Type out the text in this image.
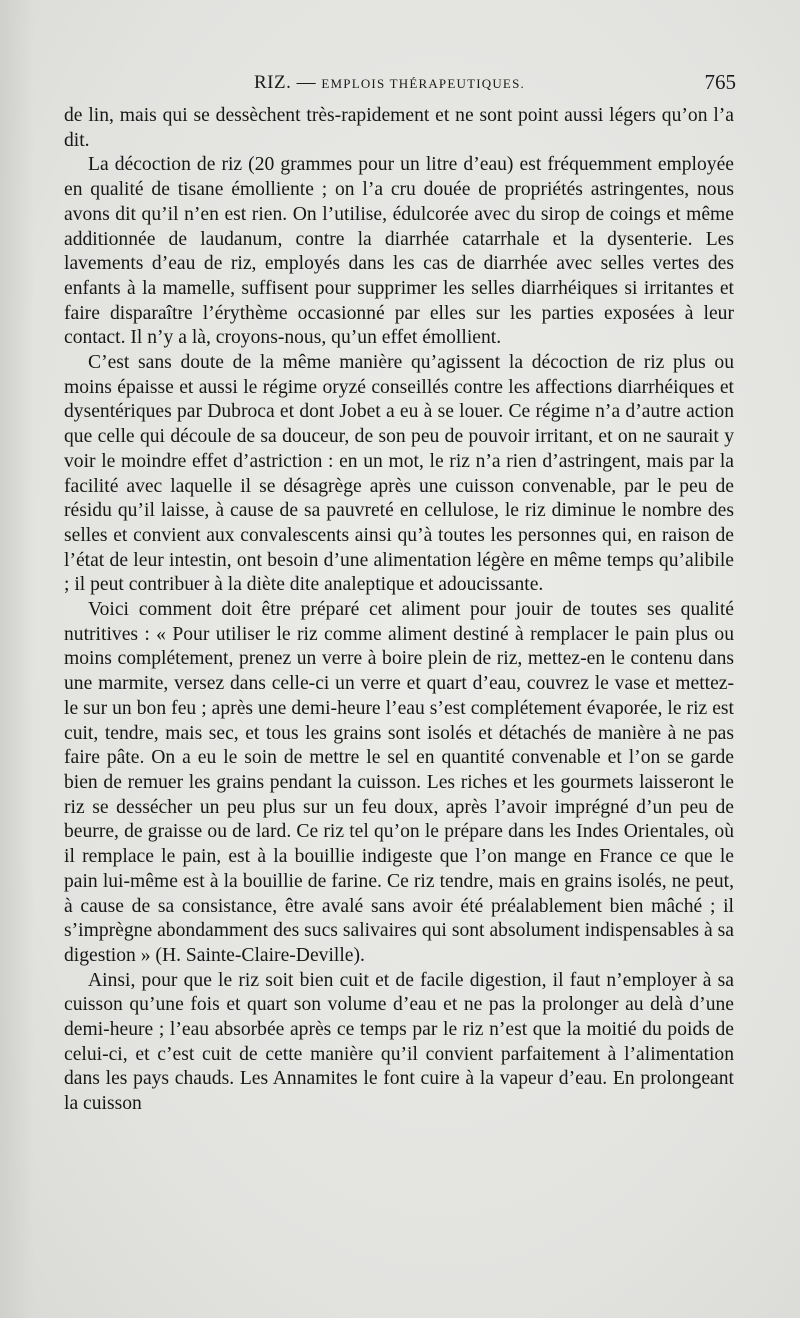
RIZ. — EMPLOIS THÉRAPEUTIQUES.	765

de lin, mais qui se dessèchent très-rapidement et ne sont point aussi légers qu’on l’a dit.

La décoction de riz (20 grammes pour un litre d’eau) est fréquemment employée en qualité de tisane émolliente ; on l’a cru douée de propriétés astringentes, nous avons dit qu’il n’en est rien. On l’utilise, édulcorée avec du sirop de coings et même additionnée de laudanum, contre la diarrhée catarrhale et la dysenterie. Les lavements d’eau de riz, employés dans les cas de diarrhée avec selles vertes des enfants à la mamelle, suffisent pour supprimer les selles diarrhéiques si irritantes et faire disparaître l’érythème occasionné par elles sur les parties exposées à leur contact. Il n’y a là, croyons-nous, qu’un effet émollient.

C’est sans doute de la même manière qu’agissent la décoction de riz plus ou moins épaisse et aussi le régime oryzé conseillés contre les affections diarrhéiques et dysentériques par Dubroca et dont Jobet a eu à se louer. Ce régime n’a d’autre action que celle qui découle de sa douceur, de son peu de pouvoir irritant, et on ne saurait y voir le moindre effet d’astriction : en un mot, le riz n’a rien d’astringent, mais par la facilité avec laquelle il se désagrège après une cuisson convenable, par le peu de résidu qu’il laisse, à cause de sa pauvreté en cellulose, le riz diminue le nombre des selles et convient aux convalescents ainsi qu’à toutes les personnes qui, en raison de l’état de leur intestin, ont besoin d’une alimentation légère en même temps qu’alibile ; il peut contribuer à la diète dite analeptique et adoucissante.

Voici comment doit être préparé cet aliment pour jouir de toutes ses qualité nutritives : « Pour utiliser le riz comme aliment destiné à remplacer le pain plus ou moins complétement, prenez un verre à boire plein de riz, mettez-en le contenu dans une marmite, versez dans celle-ci un verre et quart d’eau, couvrez le vase et mettez-le sur un bon feu ; après une demi-heure l’eau s’est complétement évaporée, le riz est cuit, tendre, mais sec, et tous les grains sont isolés et détachés de manière à ne pas faire pâte. On a eu le soin de mettre le sel en quantité convenable et l’on se garde bien de remuer les grains pendant la cuisson. Les riches et les gourmets laisseront le riz se dessécher un peu plus sur un feu doux, après l’avoir imprégné d’un peu de beurre, de graisse ou de lard. Ce riz tel qu’on le prépare dans les Indes Orientales, où il remplace le pain, est à la bouillie indigeste que l’on mange en France ce que le pain lui-même est à la bouillie de farine. Ce riz tendre, mais en grains isolés, ne peut, à cause de sa consistance, être avalé sans avoir été préalablement bien mâché ; il s’imprègne abondamment des sucs salivaires qui sont absolument indispensables à sa digestion » (H. Sainte-Claire-Deville).

Ainsi, pour que le riz soit bien cuit et de facile digestion, il faut n’employer à sa cuisson qu’une fois et quart son volume d’eau et ne pas la prolonger au delà d’une demi-heure ; l’eau absorbée après ce temps par le riz n’est que la moitié du poids de celui-ci, et c’est cuit de cette manière qu’il convient parfaitement à l’alimentation dans les pays chauds. Les Annamites le font cuire à la vapeur d’eau. En prolongeant la cuisson
